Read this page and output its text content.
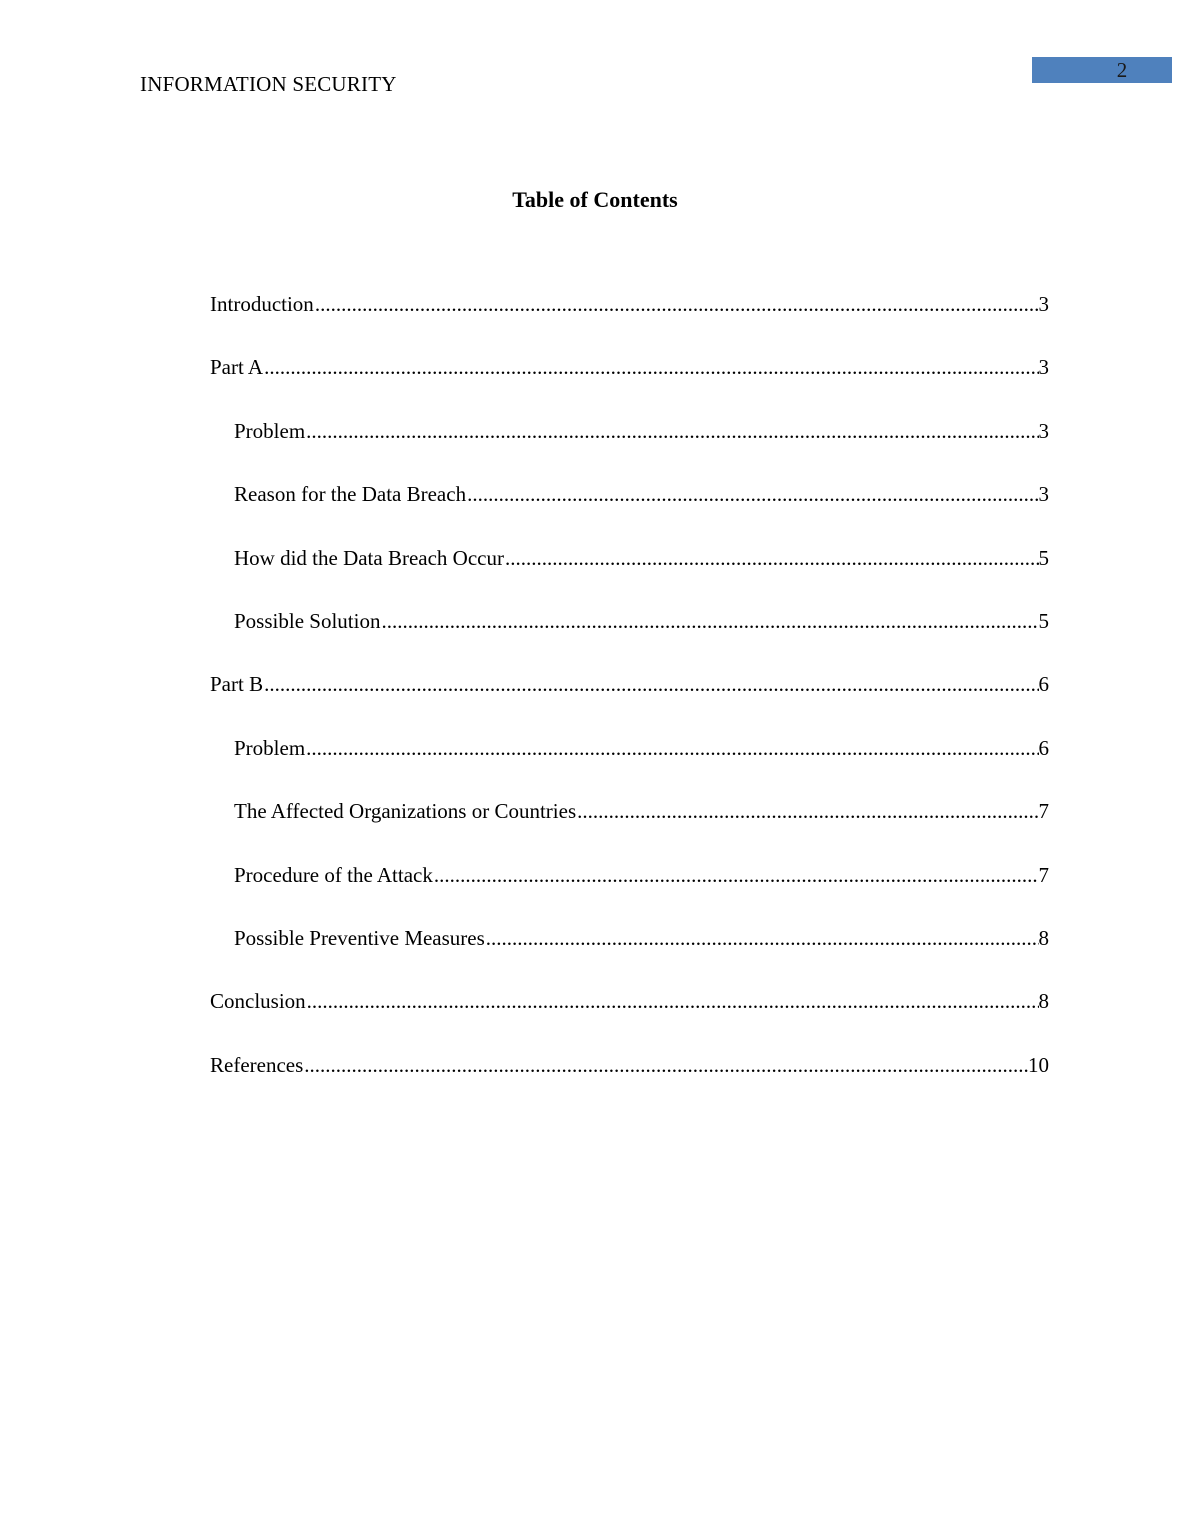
INFORMATION SECURITY
2
Table of Contents
Introduction .....	3
Part A .....	3
Problem .....	3
Reason for the Data Breach .....	3
How did the Data Breach Occur .....	5
Possible Solution .....	5
Part B .....	6
Problem .....	6
The Affected Organizations or Countries .....	7
Procedure of the Attack .....	7
Possible Preventive Measures .....	8
Conclusion .....	8
References .....	10
